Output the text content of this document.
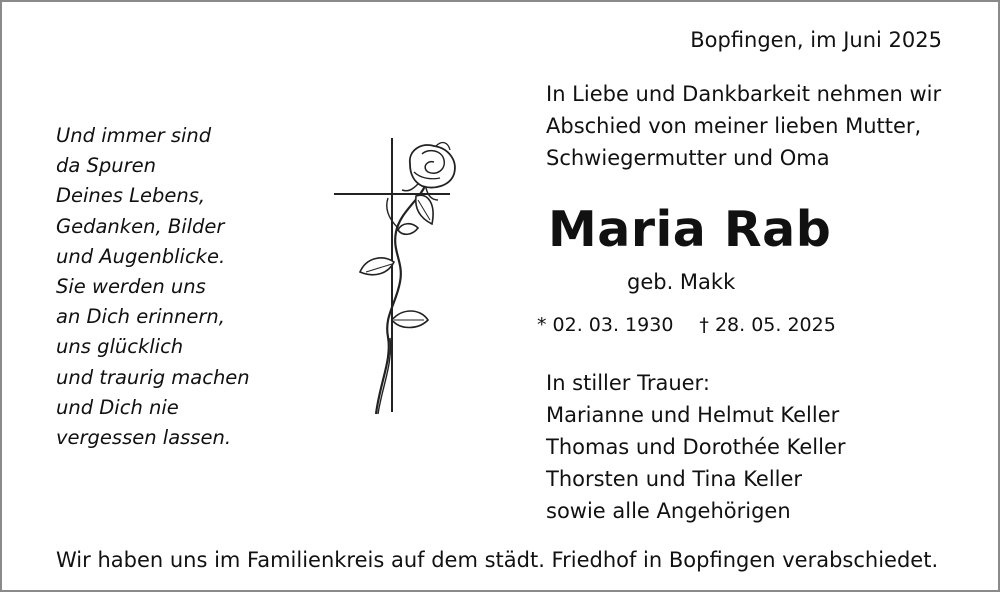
Bopfingen, im Juni 2025
In Liebe und Dankbarkeit nehmen wir
Abschied von meiner lieben Mutter,
Schwiegermutter und Oma
Maria Rab
geb. Makk
* 02. 03. 1930 † 28. 05. 2025
Und immer sind
da Spuren
Deines Lebens,
Gedanken, Bilder
und Augenblicke.
Sie werden uns
an Dich erinnern,
uns glücklich
und traurig machen
und Dich nie
vergessen lassen.
In stiller Trauer:
Marianne und Helmut Keller
Thomas und Dorothée Keller
Thorsten und Tina Keller
sowie alle Angehörigen
Wir haben uns im Familienkreis auf dem städt. Friedhof in Bopfingen verabschiedet.
